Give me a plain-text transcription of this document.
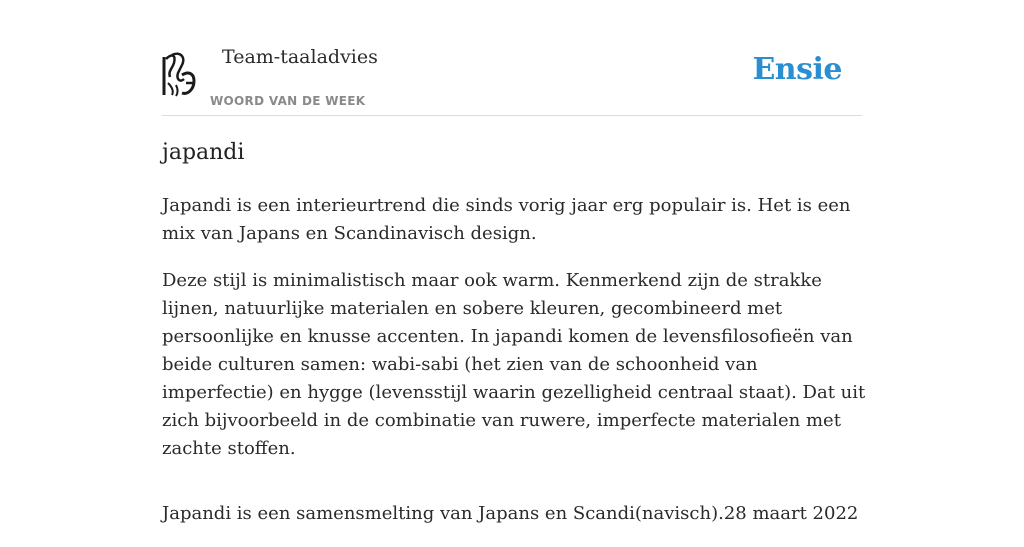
Team-taaladvies
WOORD VAN DE WEEK
Ensie
japandi

Japandi is een interieurtrend die sinds vorig jaar erg populair is. Het is een mix van Japans en Scandinavisch design.

Deze stijl is minimalistisch maar ook warm. Kenmerkend zijn de strakke lijnen, natuurlijke materialen en sobere kleuren, gecombineerd met persoonlijke en knusse accenten. In japandi komen de levensfilosofieën van beide culturen samen: wabi-sabi (het zien van de schoonheid van imperfectie) en hygge (levensstijl waarin gezelligheid centraal staat). Dat uit zich bijvoorbeeld in de combinatie van ruwere, imperfecte materialen met zachte stoffen.

Japandi is een samensmelting van Japans en Scandi(navisch).28 maart 2022
